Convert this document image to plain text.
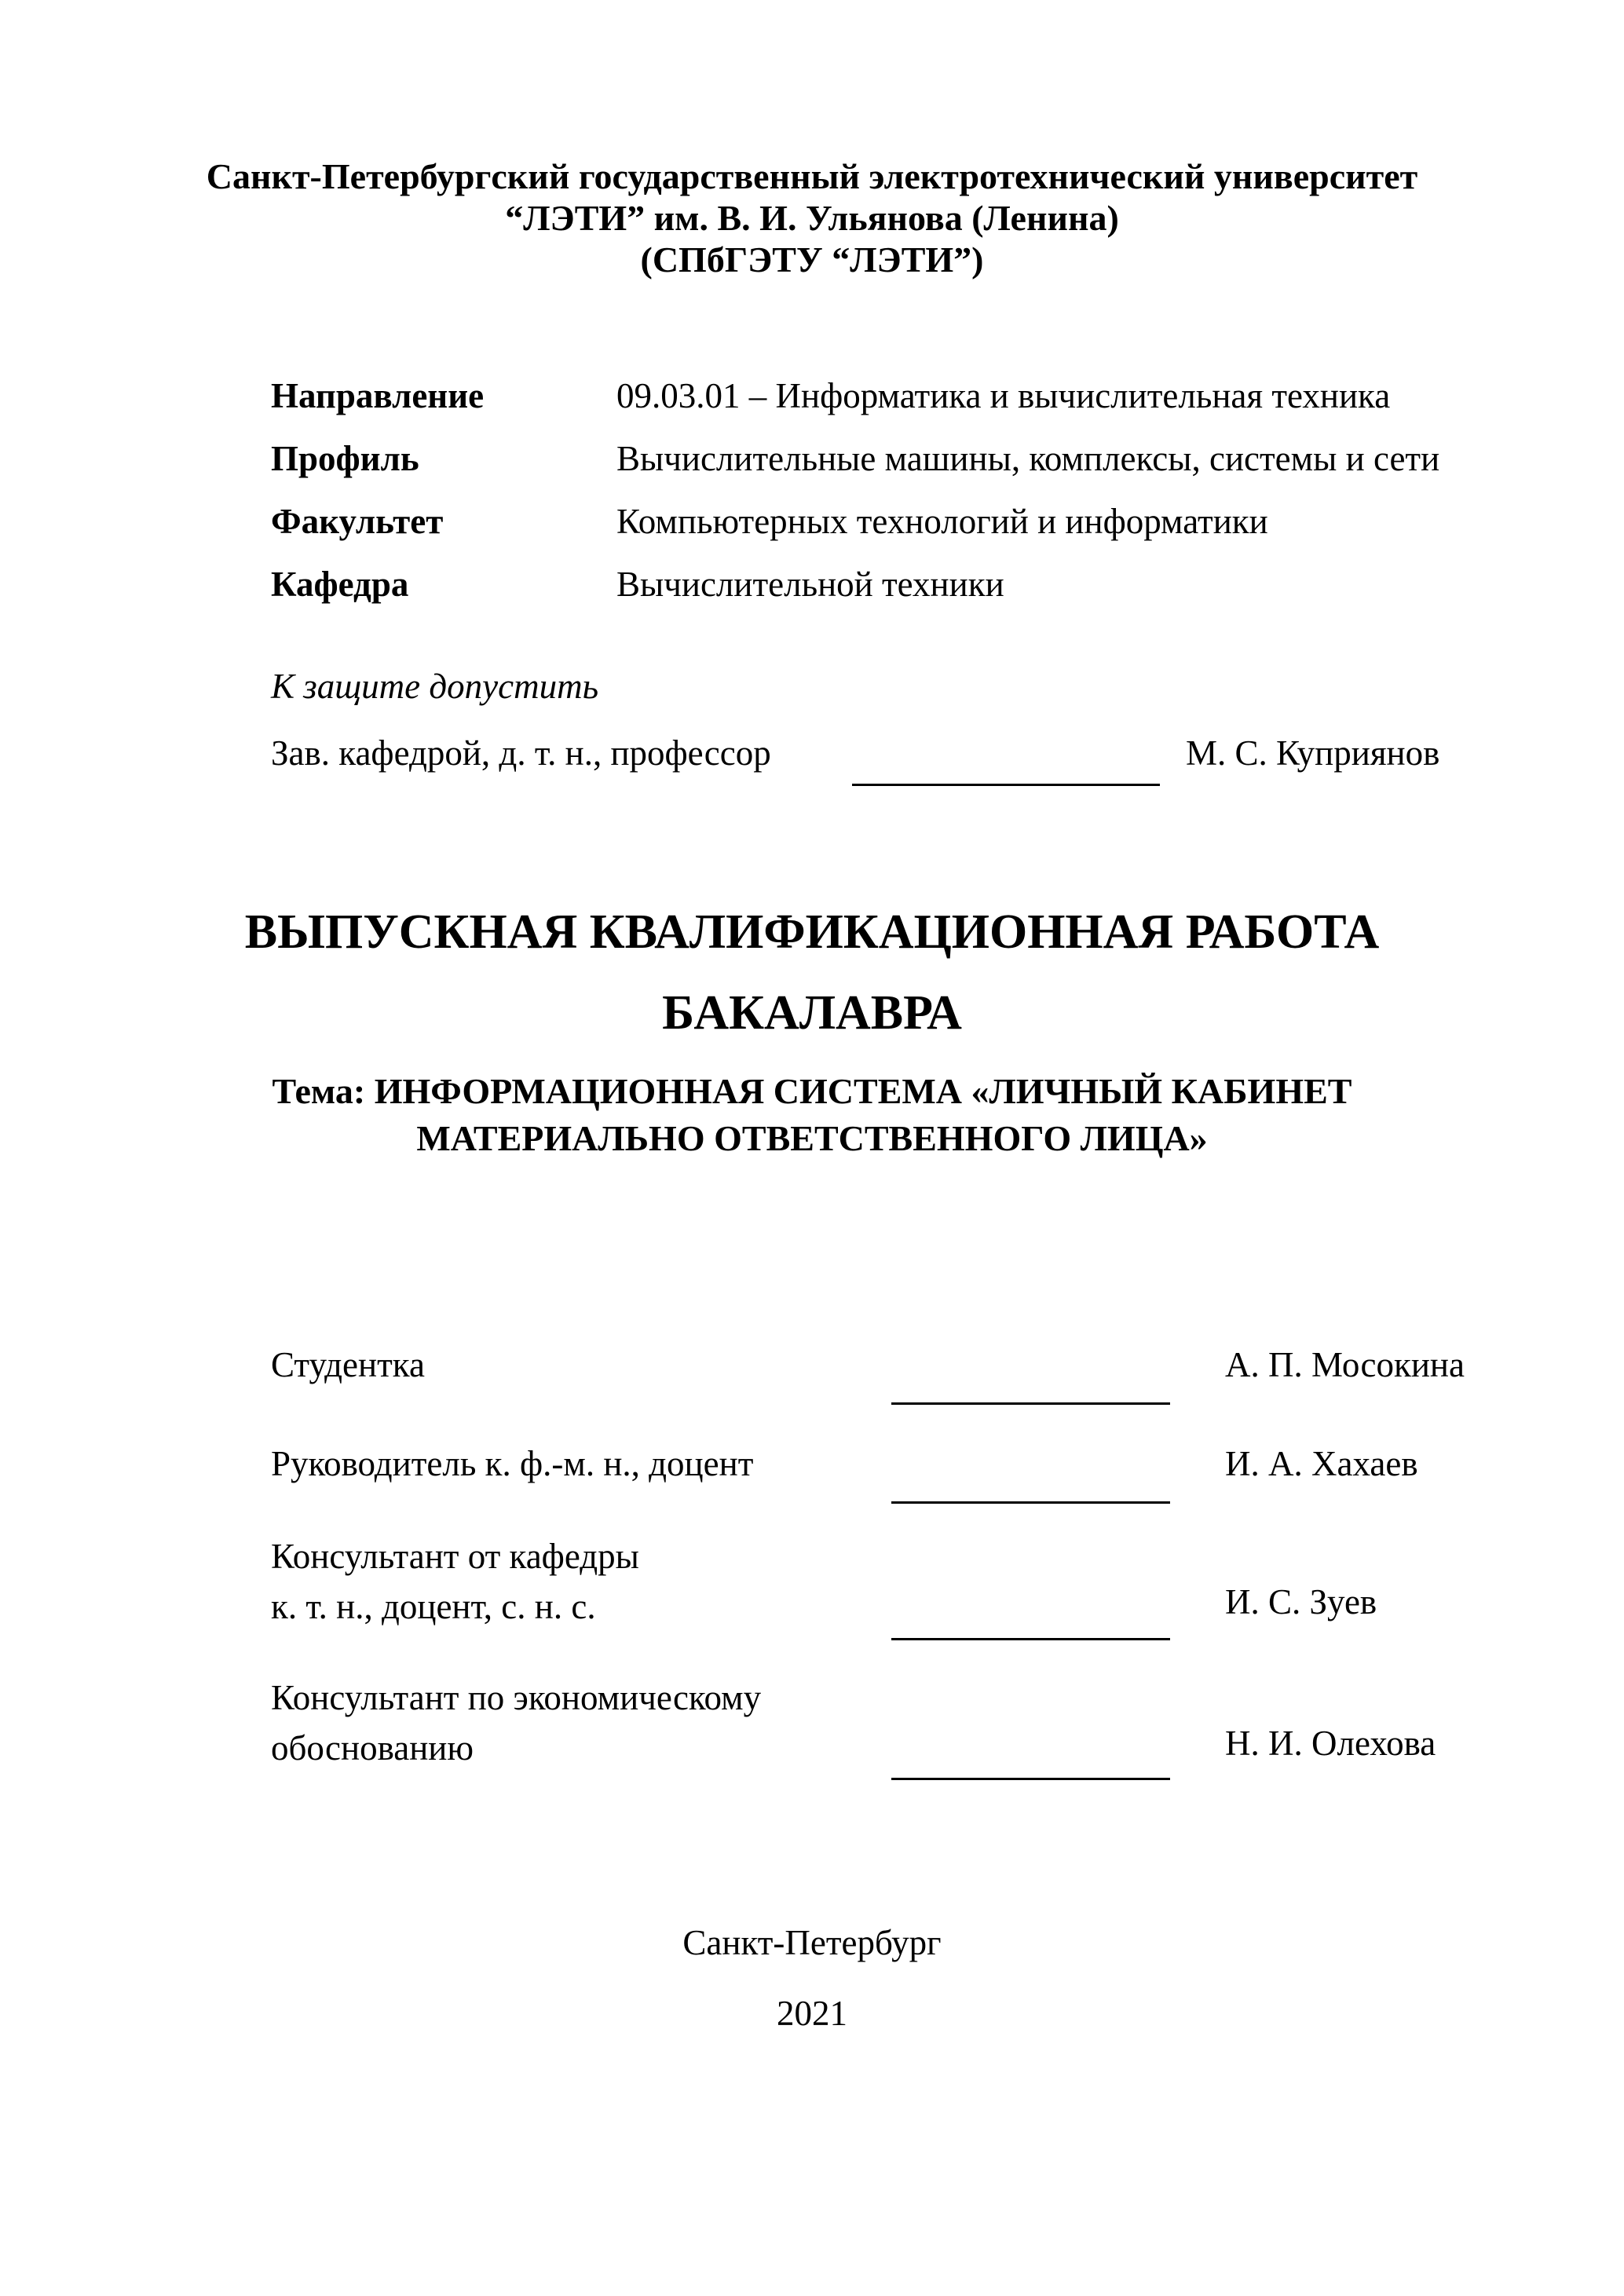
Санкт-Петербургский государственный электротехнический университет
“ЛЭТИ” им. В. И. Ульянова (Ленина)
(СПбГЭТУ “ЛЭТИ”)
Направление	09.03.01 – Информатика и вычислительная техника
Профиль	Вычислительные машины, комплексы, системы и сети
Факультет	Компьютерных технологий и информатики
Кафедра	Вычислительной техники
К защите допустить
Зав. кафедрой, д. т. н., профессор	М. С. Куприянов
ВЫПУСКНАЯ КВАЛИФИКАЦИОННАЯ РАБОТА
БАКАЛАВРА
Тема: ИНФОРМАЦИОННАЯ СИСТЕМА «ЛИЧНЫЙ КАБИНЕТ
МАТЕРИАЛЬНО ОТВЕТСТВЕННОГО ЛИЦА»
Студентка	А. П. Мосокина
Руководитель к. ф.-м. н., доцент	И. А. Хахаев
Консультант от кафедры
к. т. н., доцент, с. н. с.	И. С. Зуев
Консультант по экономическому
обоснованию	Н. И. Олехова
Санкт-Петербург
2021
